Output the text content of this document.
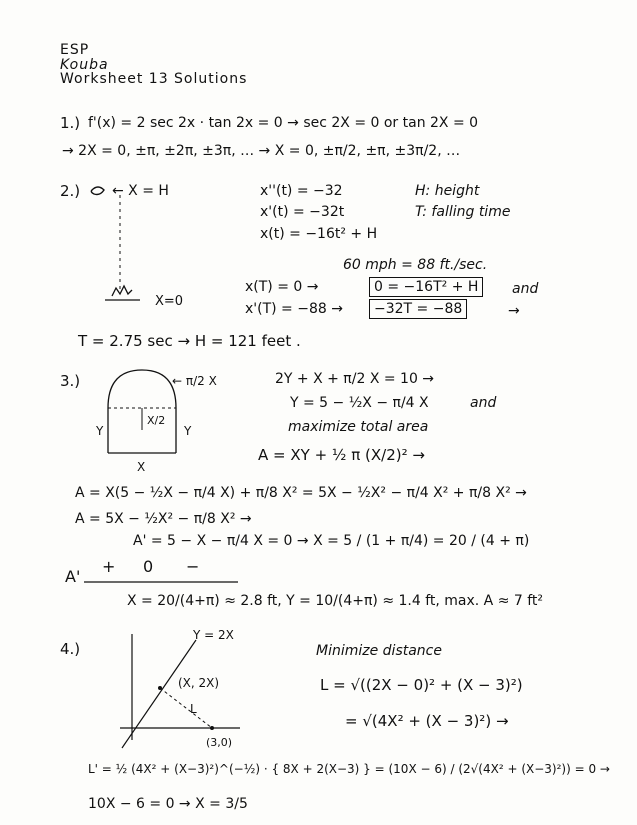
ESP
Kouba
Worksheet 13 Solutions
1.) f'(x) = 2 sec 2x · tan 2x = 0 → sec 2X = 0 or tan 2X = 0
→ 2X = 0, ±π, ±2π, ±3π, … → X = 0, ±π/2, ±π, ±3π/2, …
2.) ← X = H
X=0
x''(t) = −32
x'(t) = −32t
x(t) = −16t² + H
H: height
T: falling time
60 mph = 88 ft./sec.
x(T) = 0 →
x'(T) = −88 →
0 = −16T² + H
−32T = −88
and
→
T = 2.75 sec → H = 121 feet .
3.)	← π/2 X
Y	Y
X/2
X
2Y + X + π/2 X = 10 →
Y = 5 − ½X − π/4 X	and
maximize total area
A = XY + ½ π (X/2)² →
A = X(5 − ½X − π/4 X) + π/8 X² = 5X − ½X² − π/4 X² + π/8 X² →
A = 5X − ½X² − π/8 X² →
A' = 5 − X − π/4 X = 0 → X = 5 / (1 + π/4) = 20 / (4 + π)
A'
+ 0 −
X = 20/(4+π) ≈ 2.8 ft, Y = 10/(4+π) ≈ 1.4 ft, max. A ≈ 7 ft²
4.)
Y = 2X
(X, 2X)
L
(3,0)
Minimize distance
L = √((2X − 0)² + (X − 3)²)
= √(4X² + (X − 3)²) →
L' = ½ (4X² + (X−3)²)^(−½) · { 8X + 2(X−3) } = (10X − 6) / (2√(4X² + (X−3)²)) = 0 →
10X − 6 = 0 → X = 3/5
